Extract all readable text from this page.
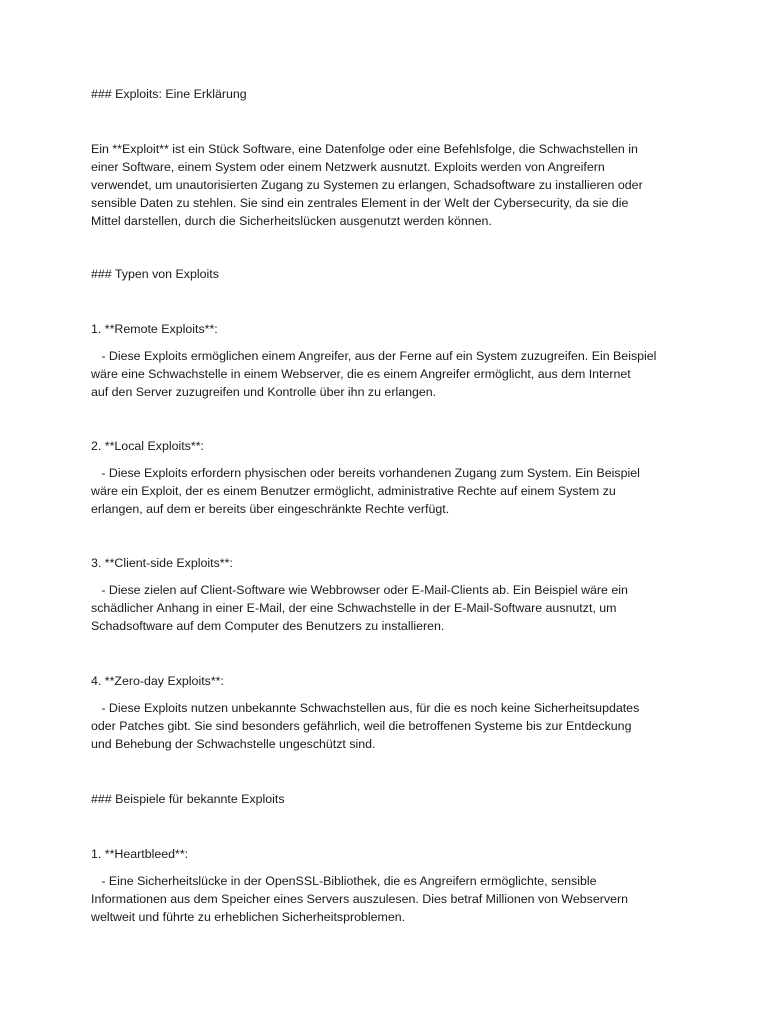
### Exploits: Eine Erklärung
Ein **Exploit** ist ein Stück Software, eine Datenfolge oder eine Befehlsfolge, die Schwachstellen in
einer Software, einem System oder einem Netzwerk ausnutzt. Exploits werden von Angreifern
verwendet, um unautorisierten Zugang zu Systemen zu erlangen, Schadsoftware zu installieren oder
sensible Daten zu stehlen. Sie sind ein zentrales Element in der Welt der Cybersecurity, da sie die
Mittel darstellen, durch die Sicherheitslücken ausgenutzt werden können.
### Typen von Exploits
1. **Remote Exploits**:
- Diese Exploits ermöglichen einem Angreifer, aus der Ferne auf ein System zuzugreifen. Ein Beispiel
wäre eine Schwachstelle in einem Webserver, die es einem Angreifer ermöglicht, aus dem Internet
auf den Server zuzugreifen und Kontrolle über ihn zu erlangen.
2. **Local Exploits**:
- Diese Exploits erfordern physischen oder bereits vorhandenen Zugang zum System. Ein Beispiel
wäre ein Exploit, der es einem Benutzer ermöglicht, administrative Rechte auf einem System zu
erlangen, auf dem er bereits über eingeschränkte Rechte verfügt.
3. **Client-side Exploits**:
- Diese zielen auf Client-Software wie Webbrowser oder E-Mail-Clients ab. Ein Beispiel wäre ein
schädlicher Anhang in einer E-Mail, der eine Schwachstelle in der E-Mail-Software ausnutzt, um
Schadsoftware auf dem Computer des Benutzers zu installieren.
4. **Zero-day Exploits**:
- Diese Exploits nutzen unbekannte Schwachstellen aus, für die es noch keine Sicherheitsupdates
oder Patches gibt. Sie sind besonders gefährlich, weil die betroffenen Systeme bis zur Entdeckung
und Behebung der Schwachstelle ungeschützt sind.
### Beispiele für bekannte Exploits
1. **Heartbleed**:
- Eine Sicherheitslücke in der OpenSSL-Bibliothek, die es Angreifern ermöglichte, sensible
Informationen aus dem Speicher eines Servers auszulesen. Dies betraf Millionen von Webservern
weltweit und führte zu erheblichen Sicherheitsproblemen.
